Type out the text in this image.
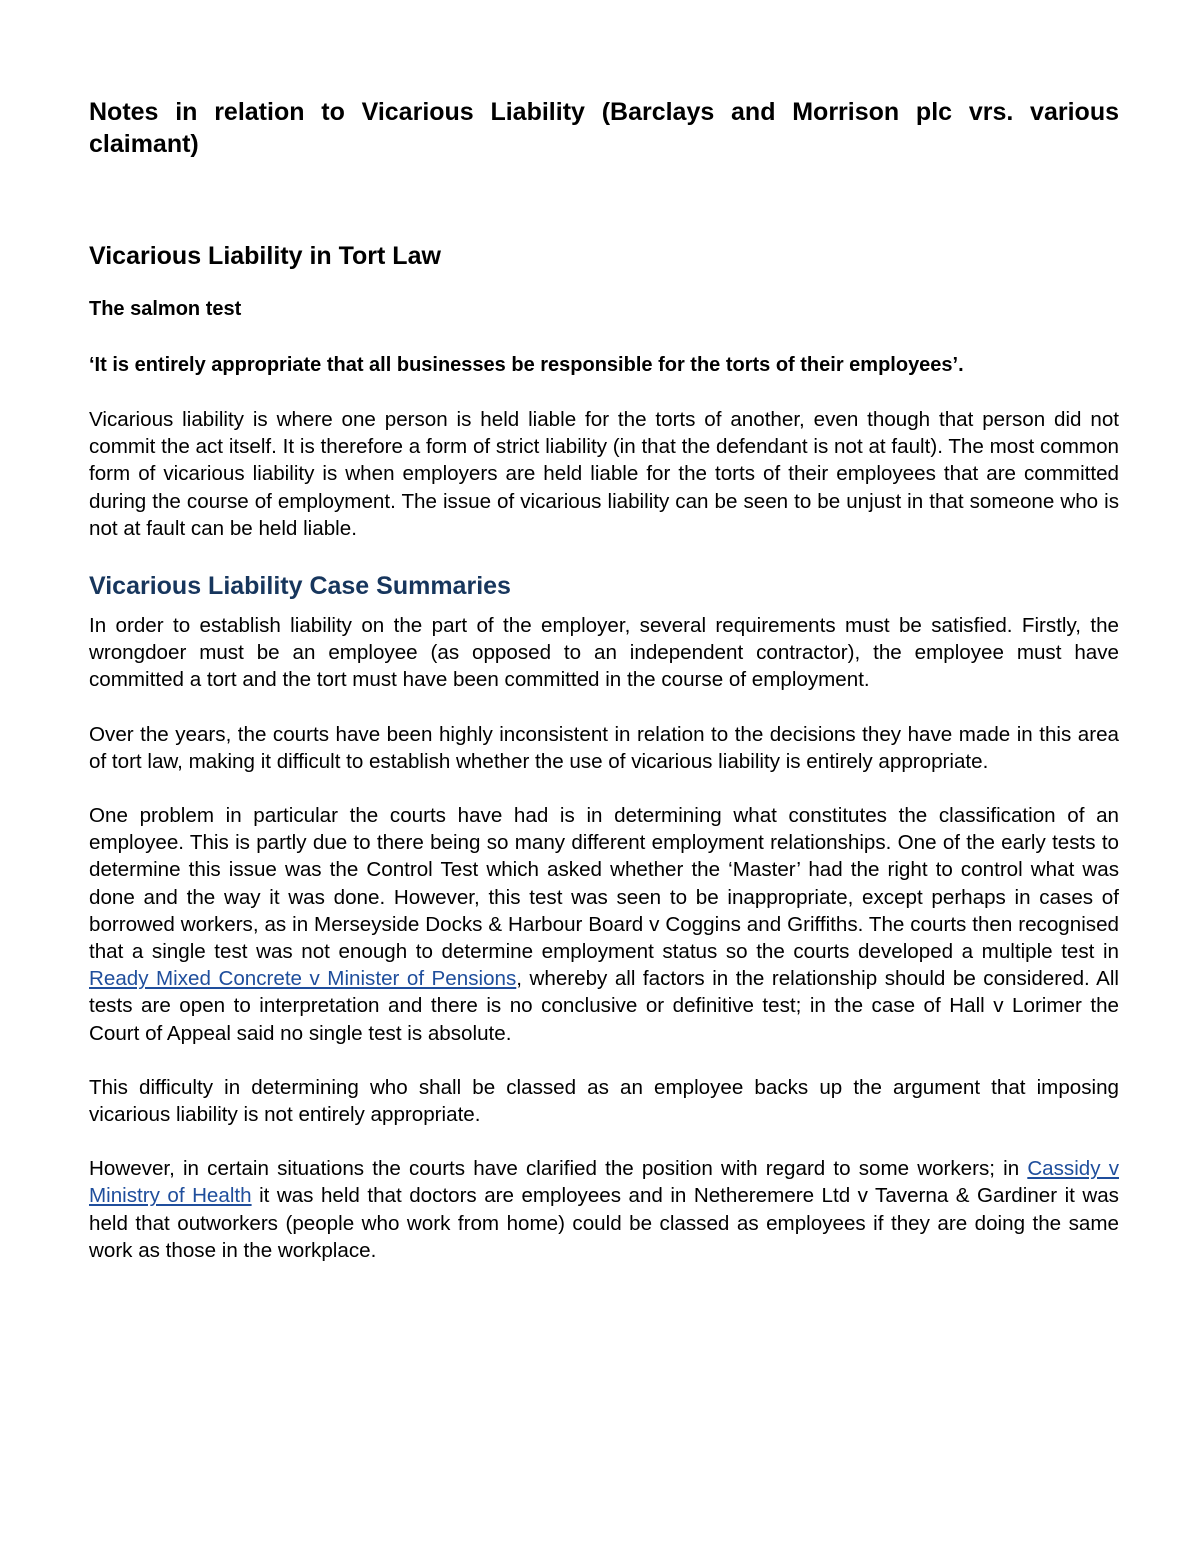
Notes in relation to Vicarious Liability (Barclays and Morrison plc vrs. various claimant)
Vicarious Liability in Tort Law
The salmon test

‘It is entirely appropriate that all businesses be responsible for the torts of their employees’.

Vicarious liability is where one person is held liable for the torts of another, even though that person did not commit the act itself. It is therefore a form of strict liability (in that the defendant is not at fault). The most common form of vicarious liability is when employers are held liable for the torts of their employees that are committed during the course of employment. The issue of vicarious liability can be seen to be unjust in that someone who is not at fault can be held liable.

Vicarious Liability Case Summaries

In order to establish liability on the part of the employer, several requirements must be satisfied. Firstly, the wrongdoer must be an employee (as opposed to an independent contractor), the employee must have committed a tort and the tort must have been committed in the course of employment.

Over the years, the courts have been highly inconsistent in relation to the decisions they have made in this area of tort law, making it difficult to establish whether the use of vicarious liability is entirely appropriate.

One problem in particular the courts have had is in determining what constitutes the classification of an employee. This is partly due to there being so many different employment relationships. One of the early tests to determine this issue was the Control Test which asked whether the ‘Master’ had the right to control what was done and the way it was done. However, this test was seen to be inappropriate, except perhaps in cases of borrowed workers, as in Merseyside Docks & Harbour Board v Coggins and Griffiths. The courts then recognised that a single test was not enough to determine employment status so the courts developed a multiple test in Ready Mixed Concrete v Minister of Pensions, whereby all factors in the relationship should be considered. All tests are open to interpretation and there is no conclusive or definitive test; in the case of Hall v Lorimer the Court of Appeal said no single test is absolute.

This difficulty in determining who shall be classed as an employee backs up the argument that imposing vicarious liability is not entirely appropriate.

However, in certain situations the courts have clarified the position with regard to some workers; in Cassidy v Ministry of Health it was held that doctors are employees and in Netheremere Ltd v Taverna & Gardiner it was held that outworkers (people who work from home) could be classed as employees if they are doing the same work as those in the workplace.
